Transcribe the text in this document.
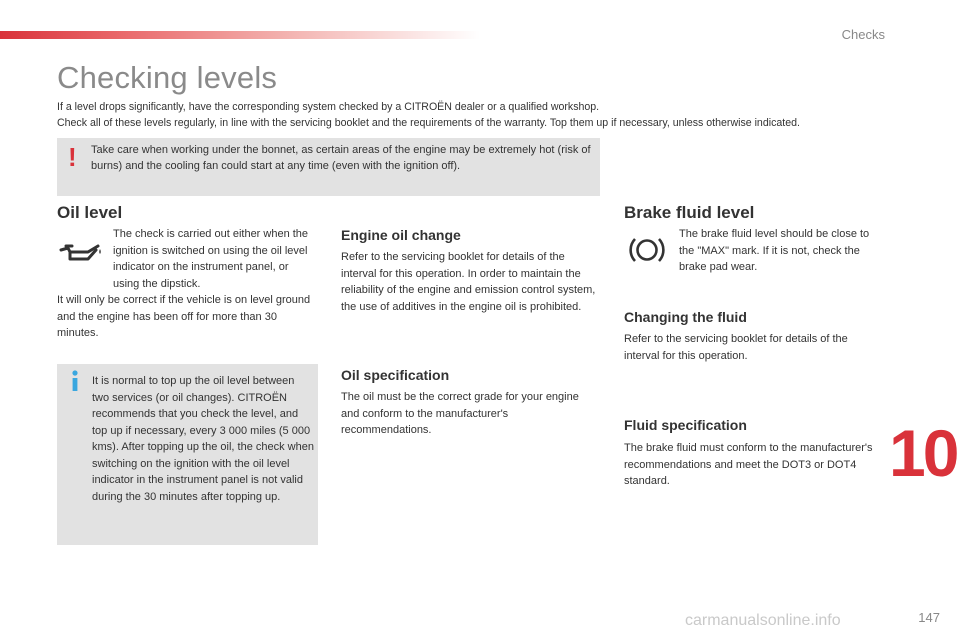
Checks
Checking levels

If a level drops significantly, have the corresponding system checked by a CITROËN dealer or a qualified workshop.

Check all of these levels regularly, in line with the servicing booklet and the requirements of the warranty. Top them up if necessary, unless otherwise indicated.

! Take care when working under the bonnet, as certain areas of the engine may be extremely hot (risk of burns) and the cooling fan could start at any time (even with the ignition off).
Oil level

The check is carried out either when the ignition is switched on using the oil level indicator on the instrument panel, or using the dipstick.

It will only be correct if the vehicle is on level ground and the engine has been off for more than 30 minutes.

It is normal to top up the oil level between two services (or oil changes). CITROËN recommends that you check the level, and top up if necessary, every 3 000 miles (5 000 kms). After topping up the oil, the check when switching on the ignition with the oil level indicator in the instrument panel is not valid during the 30 minutes after topping up.
Engine oil change

Refer to the servicing booklet for details of the interval for this operation. In order to maintain the reliability of the engine and emission control system, the use of additives in the engine oil is prohibited.

Oil specification

The oil must be the correct grade for your engine and conform to the manufacturer's recommendations.

Brake fluid level

The brake fluid level should be close to the "MAX" mark. If it is not, check the brake pad wear.

Changing the fluid

Refer to the servicing booklet for details of the interval for this operation.

Fluid specification

The brake fluid must conform to the manufacturer's recommendations and meet the DOT3 or DOT4 standard.	10
carmanualsonline.info	147
